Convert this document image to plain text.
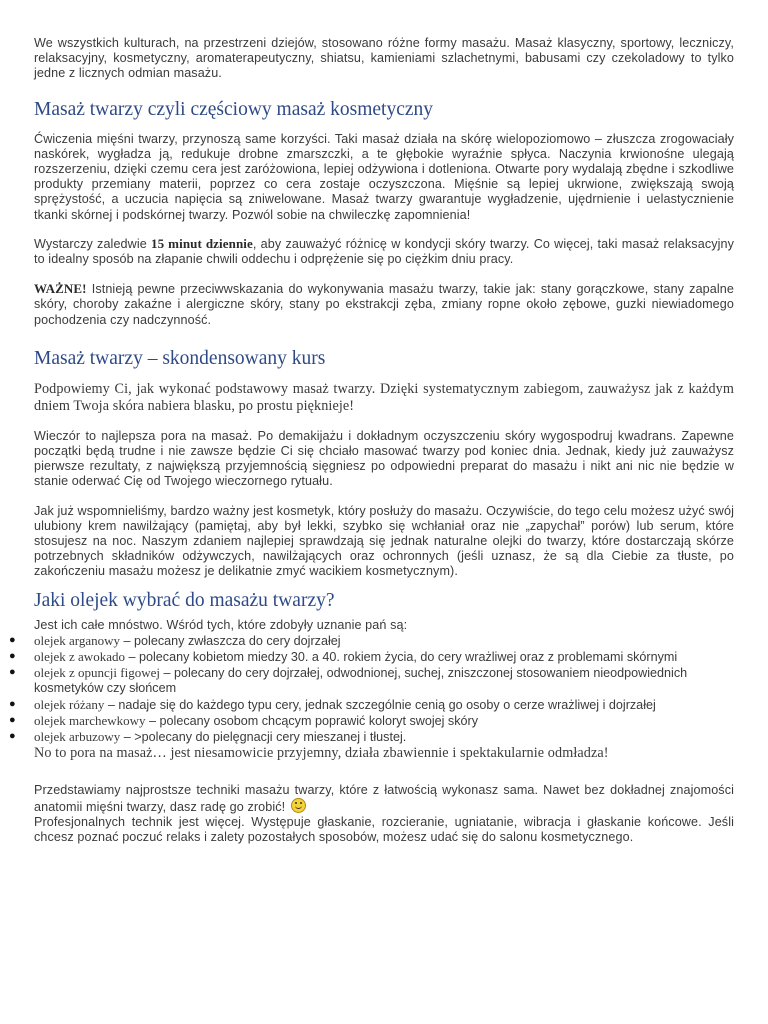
We wszystkich kulturach, na przestrzeni dziejów, stosowano różne formy masażu. Masaż klasyczny, sportowy, leczniczy, relaksacyjny, kosmetyczny, aromaterapeutyczny, shiatsu, kamieniami szlachetnymi, babusami czy czekoladowy to tylko jedne z licznych odmian masażu.

Masaż twarzy czyli częściowy masaż kosmetyczny

Ćwiczenia mięśni twarzy, przynoszą same korzyści. Taki masaż działa na skórę wielopoziomowo – złuszcza zrogowaciały naskórek, wygładza ją, redukuje drobne zmarszczki, a te głębokie wyraźnie spłyca. Naczynia krwionośne ulegają rozszerzeniu, dzięki czemu cera jest zaróżowiona, lepiej odżywiona i dotleniona. Otwarte pory wydalają zbędne i szkodliwe produkty przemiany materii, poprzez co cera zostaje oczyszczona. Mięśnie są lepiej ukrwione, zwiększają swoją sprężystość, a uczucia napięcia są zniwelowane. Masaż twarzy gwarantuje wygładzenie, ujędrnienie i uelastycznienie tkanki skórnej i podskórnej twarzy. Pozwól sobie na chwileczkę zapomnienia!

Wystarczy zaledwie 15 minut dziennie, aby zauważyć różnicę w kondycji skóry twarzy. Co więcej, taki masaż relaksacyjny to idealny sposób na złapanie chwili oddechu i odprężenie się po ciężkim dniu pracy.

WAŻNE! Istnieją pewne przeciwwskazania do wykonywania masażu twarzy, takie jak: stany gorączkowe, stany zapalne skóry, choroby zakaźne i alergiczne skóry, stany po ekstrakcji zęba, zmiany ropne około zębowe, guzki niewiadomego pochodzenia czy nadczynność.

Masaż twarzy – skondensowany kurs

Podpowiemy Ci, jak wykonać podstawowy masaż twarzy. Dzięki systematycznym zabiegom, zauważysz jak z każdym dniem Twoja skóra nabiera blasku, po prostu pięknieje!

Wieczór to najlepsza pora na masaż. Po demakijażu i dokładnym oczyszczeniu skóry wygospodruj kwadrans. Zapewne początki będą trudne i nie zawsze będzie Ci się chciało masować twarzy pod koniec dnia. Jednak, kiedy już zauważysz pierwsze rezultaty, z największą przyjemnością sięgniesz po odpowiedni preparat do masażu i nikt ani nic nie będzie w stanie oderwać Cię od Twojego wieczornego rytuału.

Jak już wspomnieliśmy, bardzo ważny jest kosmetyk, który posłuży do masażu. Oczywiście, do tego celu możesz użyć swój ulubiony krem nawilżający (pamiętaj, aby był lekki, szybko się wchłaniał oraz nie „zapychał” porów) lub serum, które stosujesz na noc. Naszym zdaniem najlepiej sprawdzają się jednak naturalne olejki do twarzy, które dostarczają skórze potrzebnych składników odżywczych, nawilżających oraz ochronnych (jeśli uznasz, że są dla Ciebie za tłuste, po zakończeniu masażu możesz je delikatnie zmyć wacikiem kosmetycznym).

Jaki olejek wybrać do masażu twarzy?

Jest ich całe mnóstwo. Wśród tych, które zdobyły uznanie pań są:

● olejek arganowy – polecany zwłaszcza do cery dojrzałej
● olejek z awokado – polecany kobietom miedzy 30. a 40. rokiem życia, do cery wrażliwej oraz z problemami skórnymi
● olejek z opuncji figowej – polecany do cery dojrzałej, odwodnionej, suchej, zniszczonej stosowaniem nieodpowiednich kosmetyków czy słońcem
● olejek różany – nadaje się do każdego typu cery, jednak szczególnie cenią go osoby o cerze wrażliwej i dojrzałej
● olejek marchewkowy – polecany osobom chcącym poprawić koloryt swojej skóry
● olejek arbuzowy – >polecany do pielęgnacji cery mieszanej i tłustej.

No to pora na masaż… jest niesamowicie przyjemny, działa zbawiennie i spektakularnie odmładza!

Przedstawiamy najprostsze techniki masażu twarzy, które z łatwością wykonasz sama. Nawet bez dokładnej znajomości anatomii mięśni twarzy, dasz radę go zrobić!

Profesjonalnych technik jest więcej. Występuje głaskanie, rozcieranie, ugniatanie, wibracja i głaskanie końcowe. Jeśli chcesz poznać poczuć relaks i zalety pozostałych sposobów, możesz udać się do salonu kosmetycznego.
